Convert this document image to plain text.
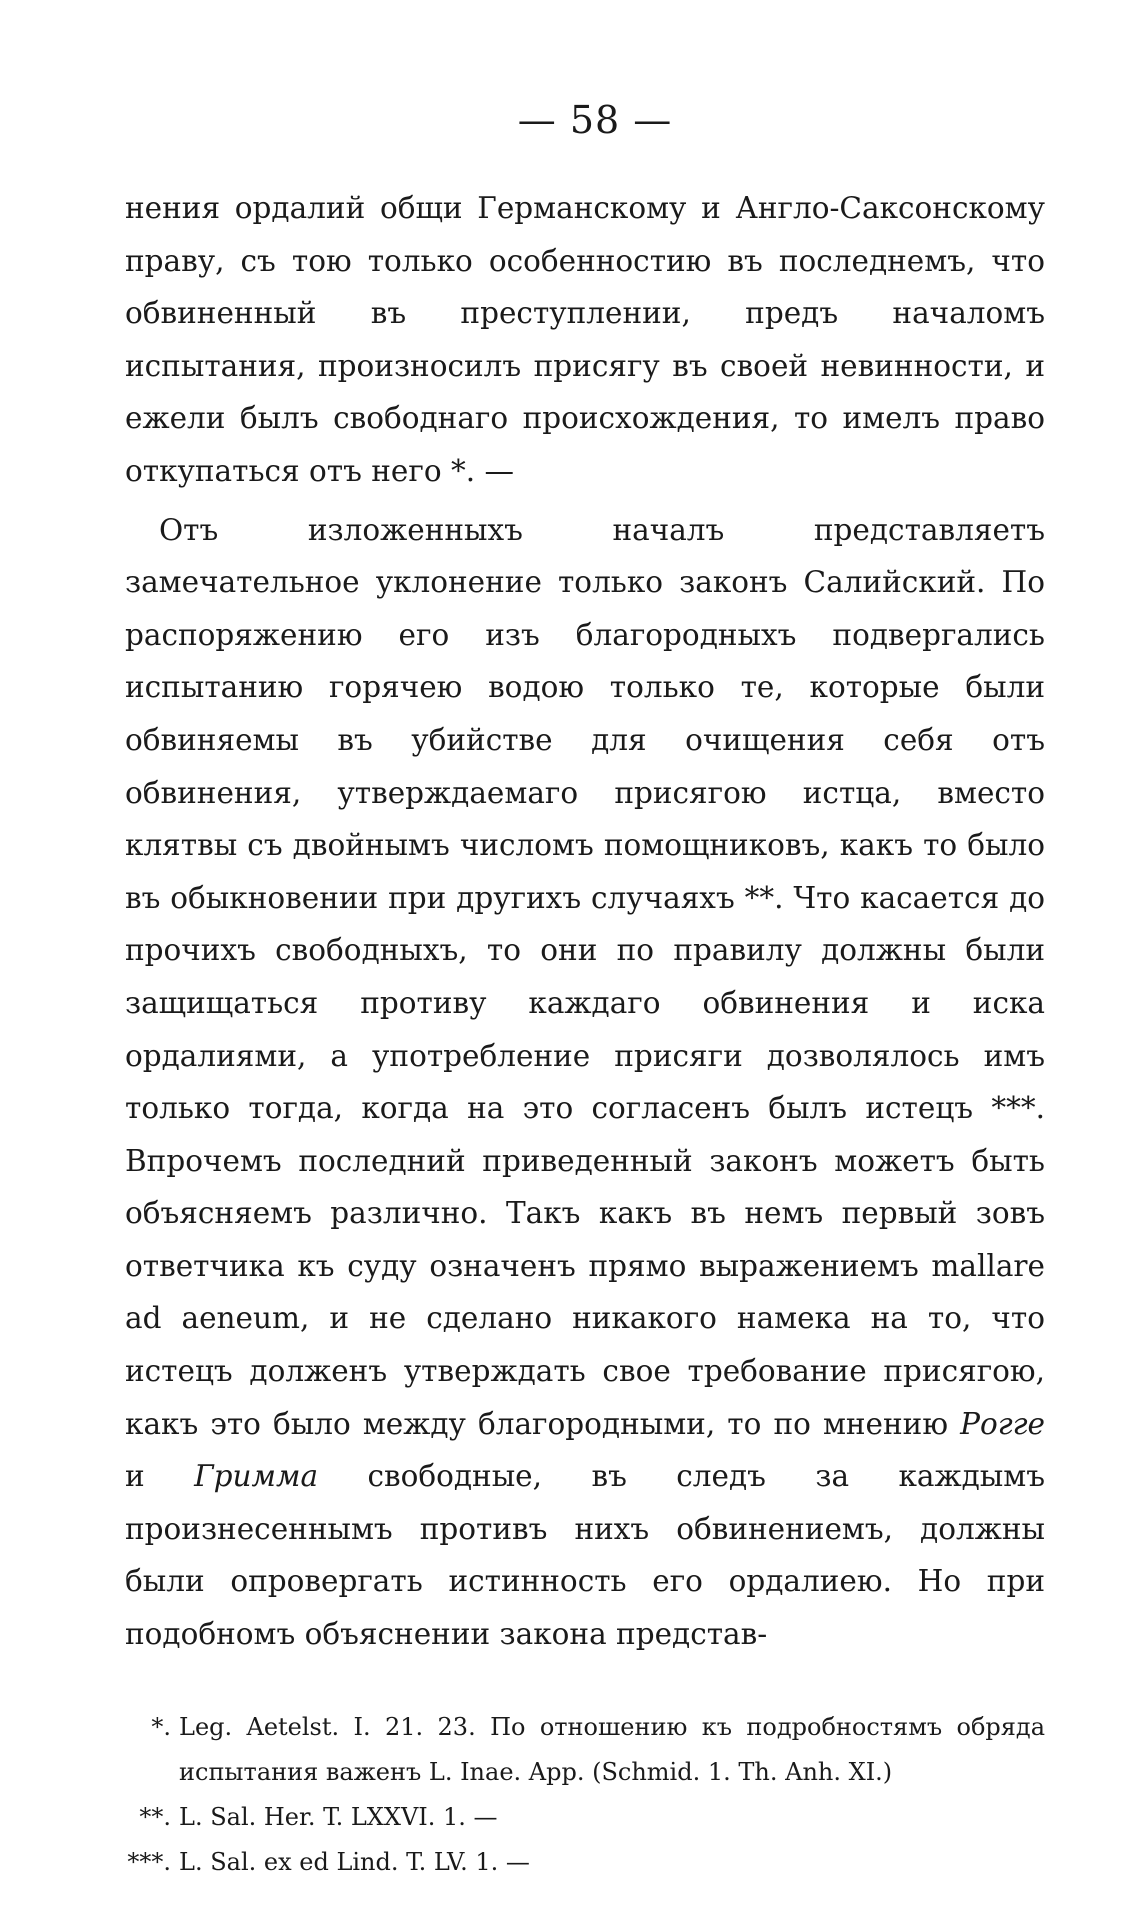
— 58 —

нения ордалий общи Германскому и Англо-Саксонскому праву, съ тою только особенностию въ последнемъ, что обвиненный въ преступлении, предъ началомъ испытания, произносилъ присягу въ своей невинности, и ежели былъ свободнаго происхождения, то имелъ право откупаться отъ него *. —

Отъ изложенныхъ началъ представляетъ замечательное уклонение только законъ Салийский. По распоряжению его изъ благородныхъ подвергались испытанию горячею водою только те, которые были обвиняемы въ убийстве для очищения себя отъ обвинения, утверждаемаго присягою истца, вместо клятвы съ двойнымъ числомъ помощниковъ, какъ то было въ обыкновении при другихъ случаяхъ **. Что касается до прочихъ свободныхъ, то они по правилу должны были защищаться противу каждаго обвинения и иска ордалиями, а употребление присяги дозволялось имъ только тогда, когда на это согласенъ былъ истецъ ***. Впрочемъ последний приведенный законъ можетъ быть объясняемъ различно. Такъ какъ въ немъ первый зовъ ответчика къ суду означенъ прямо выражениемъ mallare ad aeneum, и не сделано никакого намека на то, что истецъ долженъ утверждать свое требование присягою, какъ это было между благородными, то по мнению Рогге и Гримма свободные, въ следъ за каждымъ произнесеннымъ противъ нихъ обвинениемъ, должны были опровергать истинность его ордалиею. Но при подобномъ объяснении закона представ-

*. Leg. Aetelst. I. 21. 23. По отношению къ подробностямъ обряда испытания важенъ L. Inae. App. (Schmid. 1. Th. Anh. XI.)
**. L. Sal. Her. T. LXXVI. 1. —
***. L. Sal. ex ed Lind. T. LV. 1. —
